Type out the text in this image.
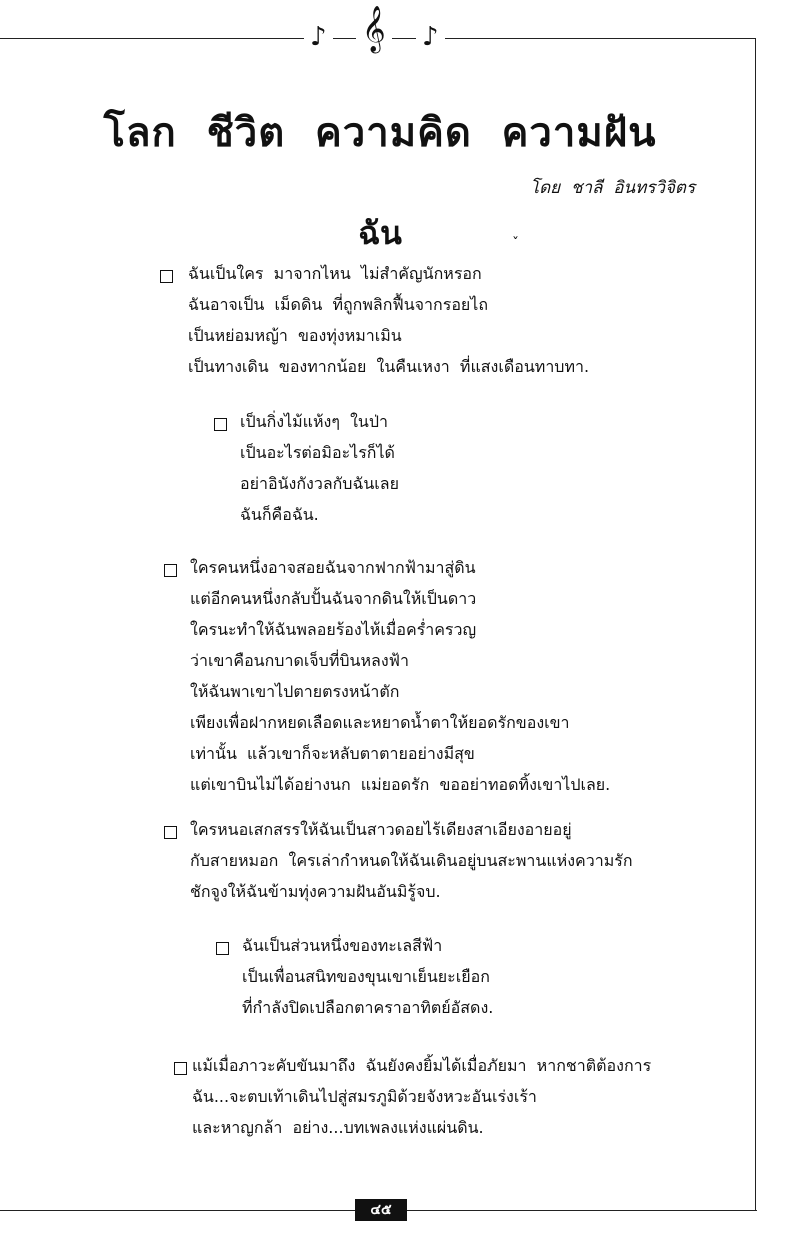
♪ 𝄞 ♪
โลก  ชีวิต  ความคิด  ความฝัน
โดย  ชาลี  อินทรวิจิตร
ฉัน	ˇ
ฉันเป็นใคร  มาจากไหน  ไม่สำคัญนักหรอก
ฉันอาจเป็น  เม็ดดิน  ที่ถูกพลิกฟื้นจากรอยไถ
เป็นหย่อมหญ้า  ของทุ่งหมาเมิน
เป็นทางเดิน  ของทากน้อย  ในคืนเหงา  ที่แสงเดือนทาบทา.
เป็นกิ่งไม้แห้งๆ  ในป่า
เป็นอะไรต่อมิอะไรก็ได้
อย่าอินังกังวลกับฉันเลย
ฉันก็คือฉัน.
ใครคนหนึ่งอาจสอยฉันจากฟากฟ้ามาสู่ดิน
แต่อีกคนหนึ่งกลับปั้นฉันจากดินให้เป็นดาว
ใครนะทำให้ฉันพลอยร้องไห้เมื่อคร่ำครวญ
ว่าเขาคือนกบาดเจ็บที่บินหลงฟ้า
ให้ฉันพาเขาไปตายตรงหน้าตัก
เพียงเพื่อฝากหยดเลือดและหยาดน้ำตาให้ยอดรักของเขา
เท่านั้น  แล้วเขาก็จะหลับตาตายอย่างมีสุข
แต่เขาบินไม่ได้อย่างนก  แม่ยอดรัก  ขออย่าทอดทิ้งเขาไปเลย.
ใครหนอเสกสรรให้ฉันเป็นสาวดอยไร้เดียงสาเอียงอายอยู่
กับสายหมอก  ใครเล่ากำหนดให้ฉันเดินอยู่บนสะพานแห่งความรัก
ชักจูงให้ฉันข้ามทุ่งความฝันอันมิรู้จบ.
ฉันเป็นส่วนหนึ่งของทะเลสีฟ้า
เป็นเพื่อนสนิทของขุนเขาเย็นยะเยือก
ที่กำลังปิดเปลือกตาคราอาทิตย์อัสดง.
แม้เมื่อภาวะคับขันมาถึง  ฉันยังคงยิ้มได้เมื่อภัยมา  หากชาติต้องการ
ฉัน...จะตบเท้าเดินไปสู่สมรภูมิด้วยจังหวะอันเร่งเร้า
และหาญกล้า  อย่าง...บทเพลงแห่งแผ่นดิน.
๔๕
